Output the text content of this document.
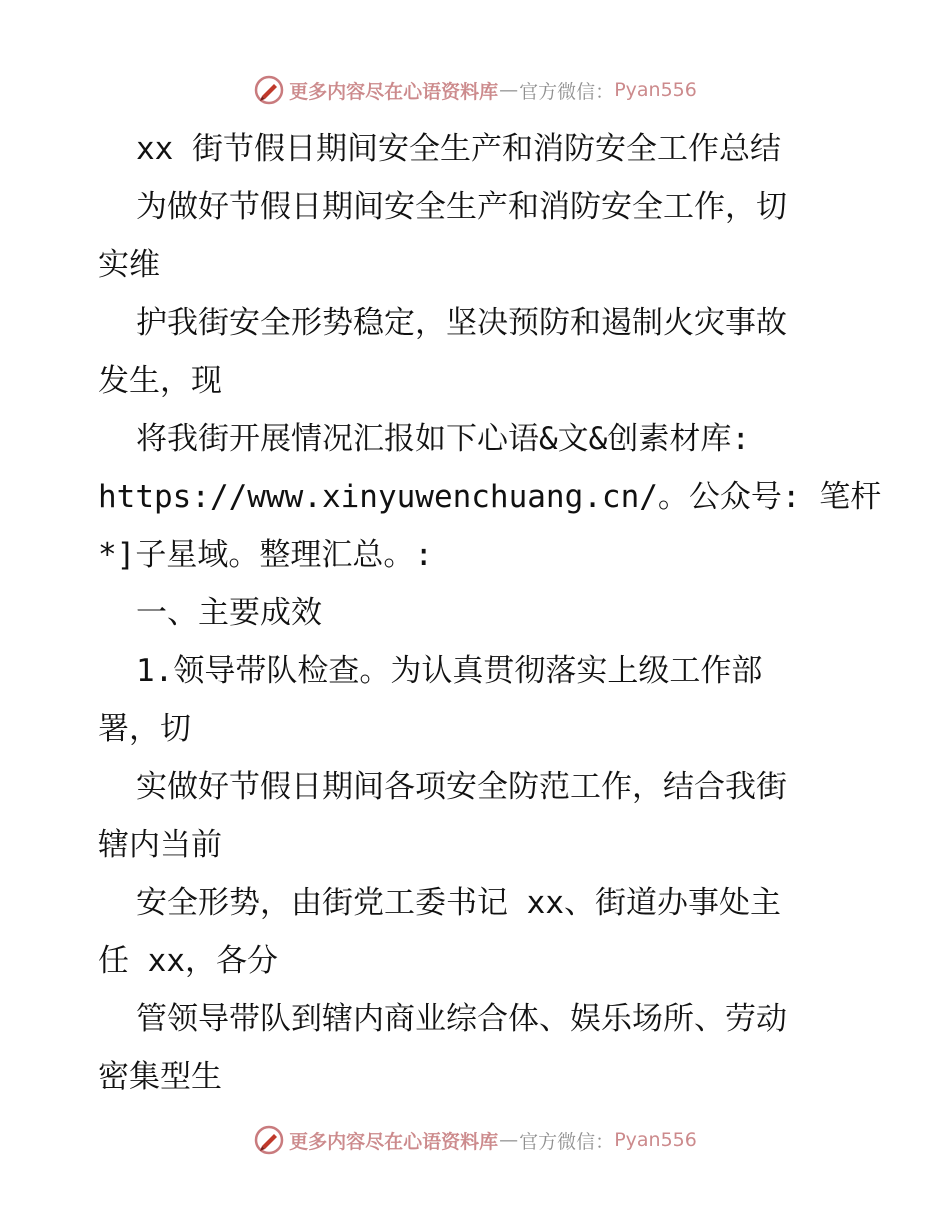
更多内容尽在心语资料库 — 官方微信： Pyan556
xx 街节假日期间安全生产和消防安全工作总结
为做好节假日期间安全生产和消防安全工作，切
实维
护我街安全形势稳定，坚决预防和遏制火灾事故
发生，现
将我街开展情况汇报如下心语&文&创素材库:
https://www.xinyuwenchuang.cn/。公众号: 笔杆
*]子星域。整理汇总。:
一、主要成效
1.领导带队检查。为认真贯彻落实上级工作部
署，切
实做好节假日期间各项安全防范工作，结合我街
辖内当前
安全形势，由街党工委书记 xx、街道办事处主
任 xx，各分
管领导带队到辖内商业综合体、娱乐场所、劳动
密集型生
更多内容尽在心语资料库 — 官方微信： Pyan556
